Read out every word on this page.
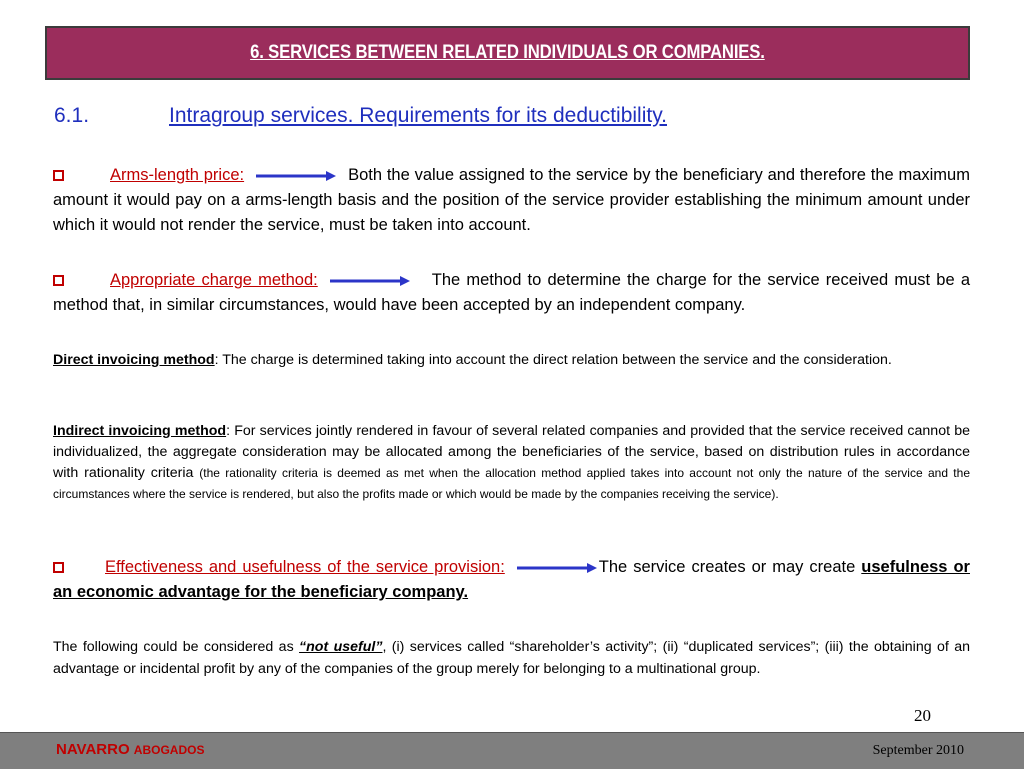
6. SERVICES BETWEEN RELATED INDIVIDUALS OR COMPANIES.
6.1.	Intragroup services. Requirements for its deductibility.
Arms-length price:	Both the value assigned to the service by the beneficiary and therefore the maximum amount it would pay on a arms-length basis and the position of the service provider establishing the minimum amount under which it would not render the service, must be taken into account.
Appropriate charge method:	The method to determine the charge for the service received must be a method that, in similar circumstances, would have been accepted by an independent company.
Direct invoicing method: The charge is determined taking into account the direct relation between the service and the consideration.
Indirect invoicing method: For services jointly rendered in favour of several related companies and provided that the service received cannot be individualized, the aggregate consideration may be allocated among the beneficiaries of the service, based on distribution rules in accordance with rationality criteria (the rationality criteria is deemed as met when the allocation method applied takes into account not only the nature of the service and the circumstances where the service is rendered, but also the profits made or which would be made by the companies receiving the service).
Effectiveness and usefulness of the service provision:	The service creates or may create usefulness or an economic advantage for the beneficiary company.
The following could be considered as “not useful”, (i) services called “shareholder’s activity”; (ii) “duplicated services”; (iii) the obtaining of an advantage or incidental profit by any of the companies of the group merely for belonging to a multinational group.
20
NAVARRO ABOGADOS	September 2010
